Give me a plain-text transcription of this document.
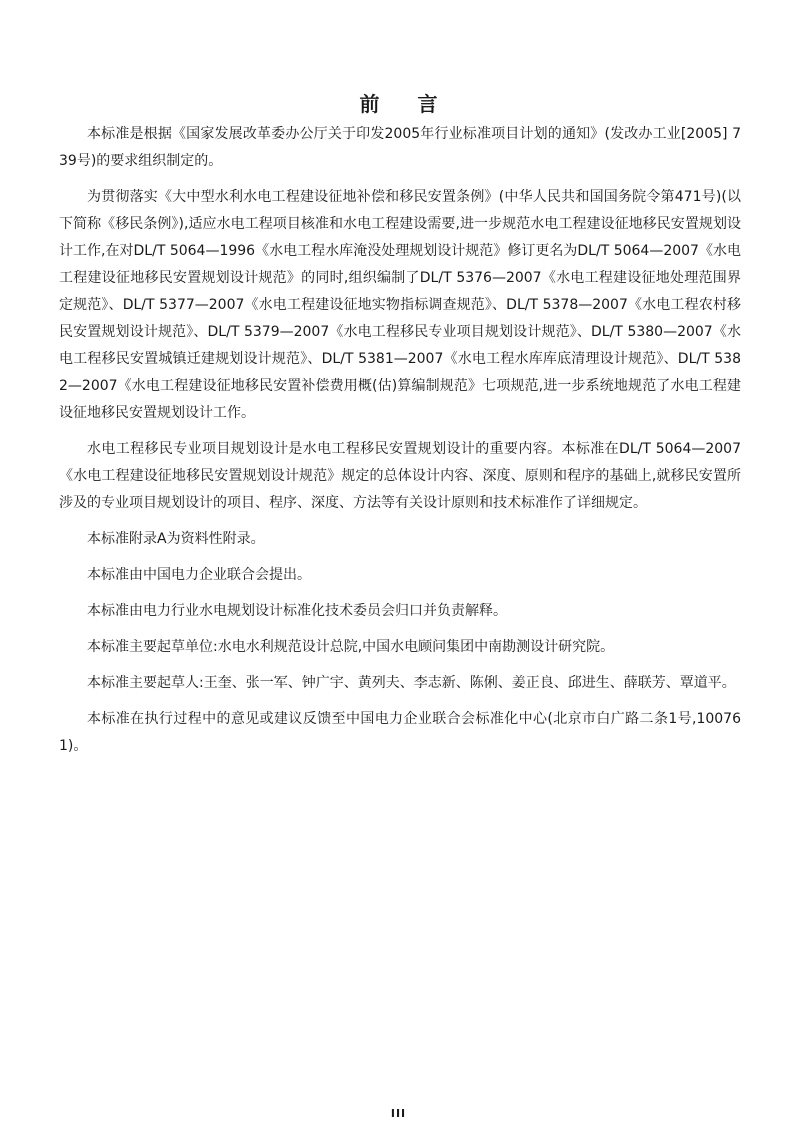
前 言

本标准是根据《国家发展改革委办公厅关于印发2005年行业标准项目计划的通知》(发改办工业[2005] 739号)的要求组织制定的。

为贯彻落实《大中型水利水电工程建设征地补偿和移民安置条例》(中华人民共和国国务院令第471号)(以下简称《移民条例》),适应水电工程项目核准和水电工程建设需要,进一步规范水电工程建设征地移民安置规划设计工作,在对DL/T 5064—1996《水电工程水库淹没处理规划设计规范》修订更名为DL/T 5064—2007《水电工程建设征地移民安置规划设计规范》的同时,组织编制了DL/T 5376—2007《水电工程建设征地处理范围界定规范》、DL/T 5377—2007《水电工程建设征地实物指标调查规范》、DL/T 5378—2007《水电工程农村移民安置规划设计规范》、DL/T 5379—2007《水电工程移民专业项目规划设计规范》、DL/T 5380—2007《水电工程移民安置城镇迁建规划设计规范》、DL/T 5381—2007《水电工程水库库底清理设计规范》、DL/T 5382—2007《水电工程建设征地移民安置补偿费用概(估)算编制规范》七项规范,进一步系统地规范了水电工程建设征地移民安置规划设计工作。

水电工程移民专业项目规划设计是水电工程移民安置规划设计的重要内容。本标准在DL/T 5064—2007《水电工程建设征地移民安置规划设计规范》规定的总体设计内容、深度、原则和程序的基础上,就移民安置所涉及的专业项目规划设计的项目、程序、深度、方法等有关设计原则和技术标准作了详细规定。

本标准附录A为资料性附录。

本标准由中国电力企业联合会提出。

本标准由电力行业水电规划设计标准化技术委员会归口并负责解释。

本标准主要起草单位:水电水利规范设计总院,中国水电顾问集团中南勘测设计研究院。

本标准主要起草人:王奎、张一军、钟广宇、黄列夫、李志新、陈俐、姜正良、邱进生、薛联芳、覃道平。

本标准在执行过程中的意见或建议反馈至中国电力企业联合会标准化中心(北京市白广路二条1号,100761)。

III
